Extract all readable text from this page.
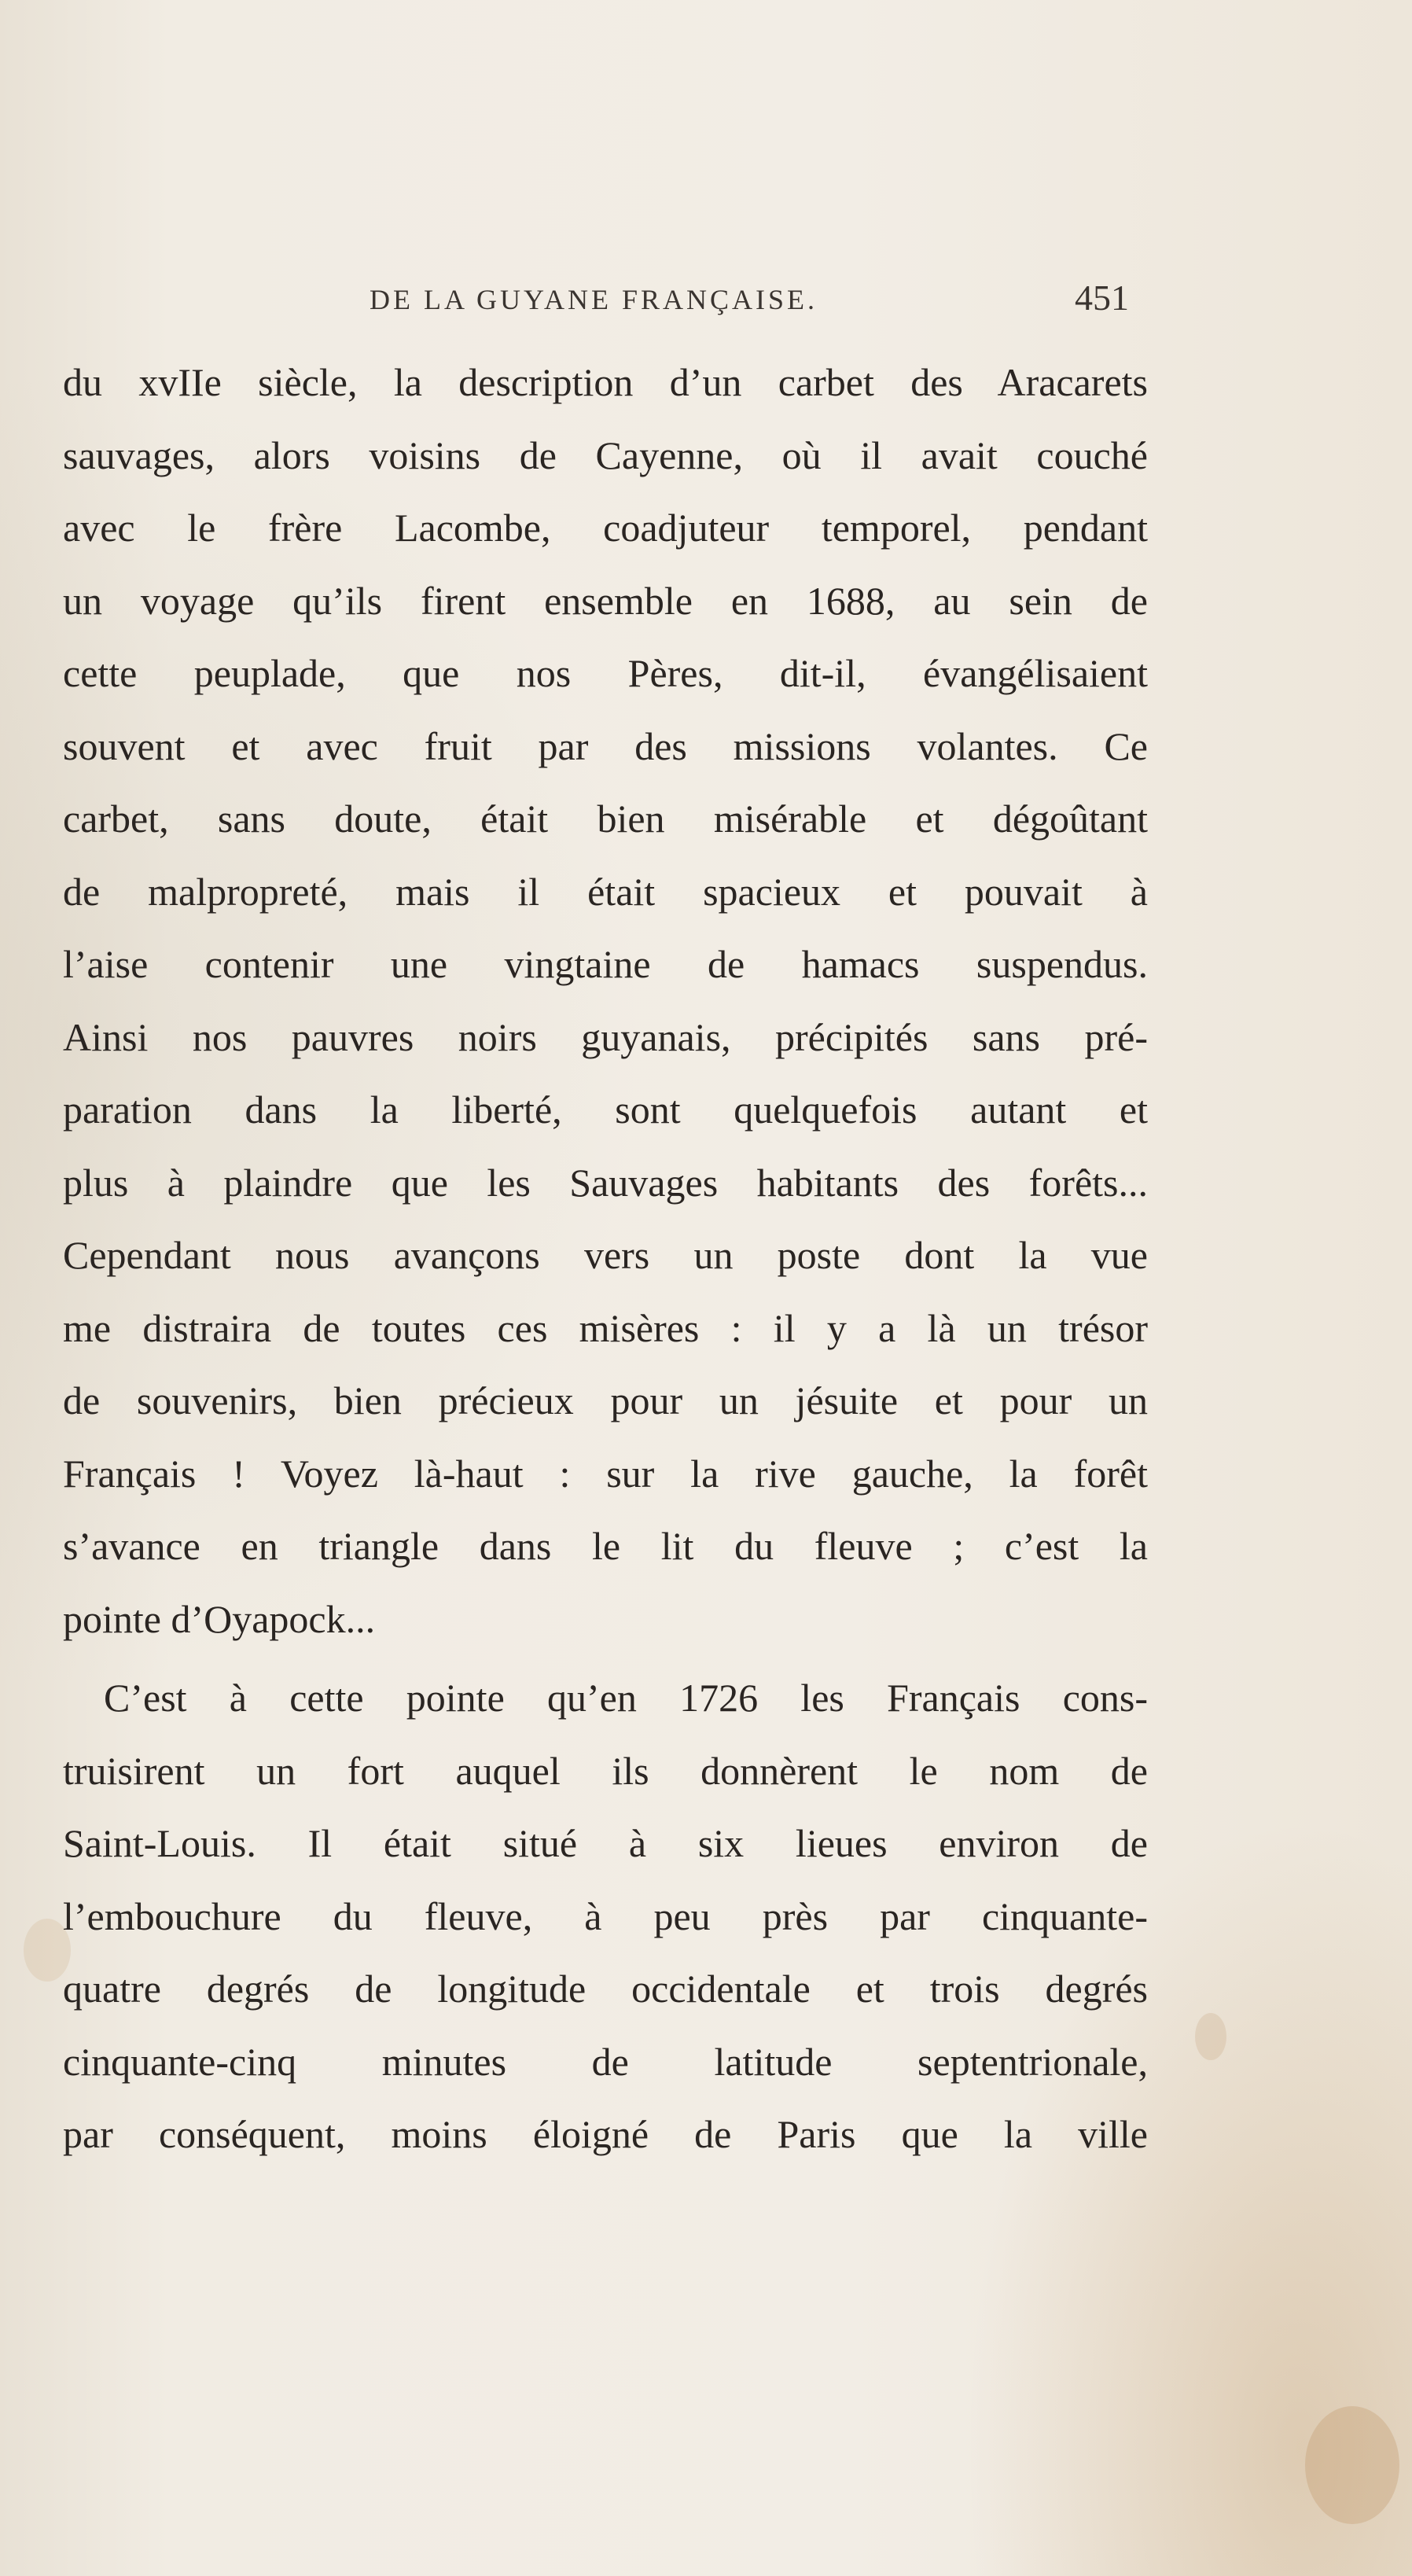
DE LA GUYANE FRANÇAISE.	451
du xvIIe siècle, la description d’un carbet des Aracarets
sauvages, alors voisins de Cayenne, où il avait couché
avec le frère Lacombe, coadjuteur temporel, pendant
un voyage qu’ils firent ensemble en 1688, au sein de
cette peuplade, que nos Pères, dit-il, évangélisaient
souvent et avec fruit par des missions volantes. Ce
carbet, sans doute, était bien misérable et dégoûtant
de malpropreté, mais il était spacieux et pouvait à
l’aise contenir une vingtaine de hamacs suspendus.
Ainsi nos pauvres noirs guyanais, précipités sans pré-
paration dans la liberté, sont quelquefois autant et
plus à plaindre que les Sauvages habitants des forêts...
Cependant nous avançons vers un poste dont la vue
me distraira de toutes ces misères : il y a là un trésor
de souvenirs, bien précieux pour un jésuite et pour un
Français ! Voyez là-haut : sur la rive gauche, la forêt
s’avance en triangle dans le lit du fleuve ; c’est la
pointe d’Oyapock...
C’est à cette pointe qu’en 1726 les Français cons-
truisirent un fort auquel ils donnèrent le nom de
Saint-Louis. Il était situé à six lieues environ de
l’embouchure du fleuve, à peu près par cinquante-
quatre degrés de longitude occidentale et trois degrés
cinquante-cinq minutes de latitude septentrionale,
par conséquent, moins éloigné de Paris que la ville
